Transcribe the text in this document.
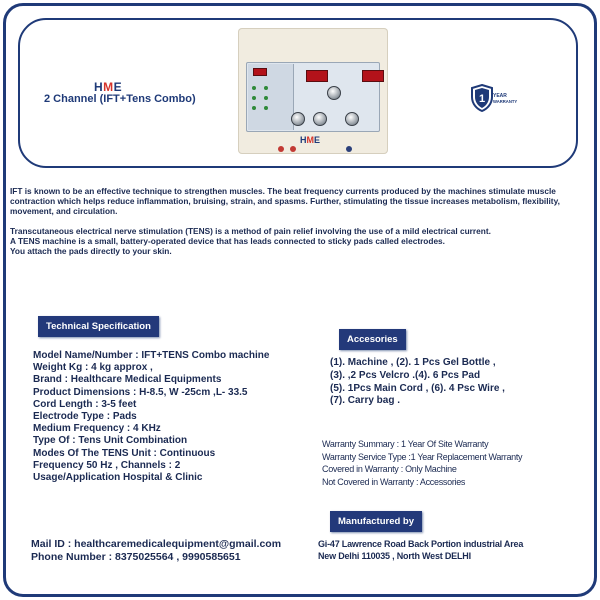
HME
2 Channel (IFT+Tens Combo)
HME
1 YEAR
WARRANTY

IFT is known to be an effective technique to strengthen muscles. The beat frequency currents produced by the machines stimulate muscle contraction which helps reduce inflammation, bruising, strain, and spasms. Further, stimulating the tissue increases metabolism, flexibility, movement, and circulation.

Transcutaneous electrical nerve stimulation (TENS) is a method of pain relief involving the use of a mild electrical current.
A TENS machine is a small, battery-operated device that has leads connected to sticky pads called electrodes.
You attach the pads directly to your skin.

Technical Specification
Model Name/Number : IFT+TENS Combo machine
Weight Kg : 4 kg approx ,
Brand : Healthcare Medical Equipments
Product Dimensions : H-8.5, W -25cm ,L- 33.5
Cord Length : 3-5 feet
Electrode Type : Pads
Medium Frequency : 4 KHz
Type Of : Tens Unit Combination
Modes Of The TENS Unit : Continuous
Frequency 50 Hz , Channels : 2
Usage/Application Hospital & Clinic
Accesories
(1). Machine , (2). 1 Pcs Gel Bottle ,
(3). ,2 Pcs Velcro .(4). 6 Pcs Pad
(5). 1Pcs Main Cord , (6). 4 Psc Wire ,
(7). Carry bag .
Warranty Summary : 1 Year Of Site Warranty
Warranty Service Type :1 Year Replacement Warranty
Covered in Warranty : Only Machine
Not Covered in Warranty : Accessories
Manufactured by
Gi-47 Lawrence Road Back Portion industrial Area
New Delhi 110035 , North West DELHI
Mail ID : healthcaremedicalequipment@gmail.com
Phone Number : 8375025564 , 9990585651
